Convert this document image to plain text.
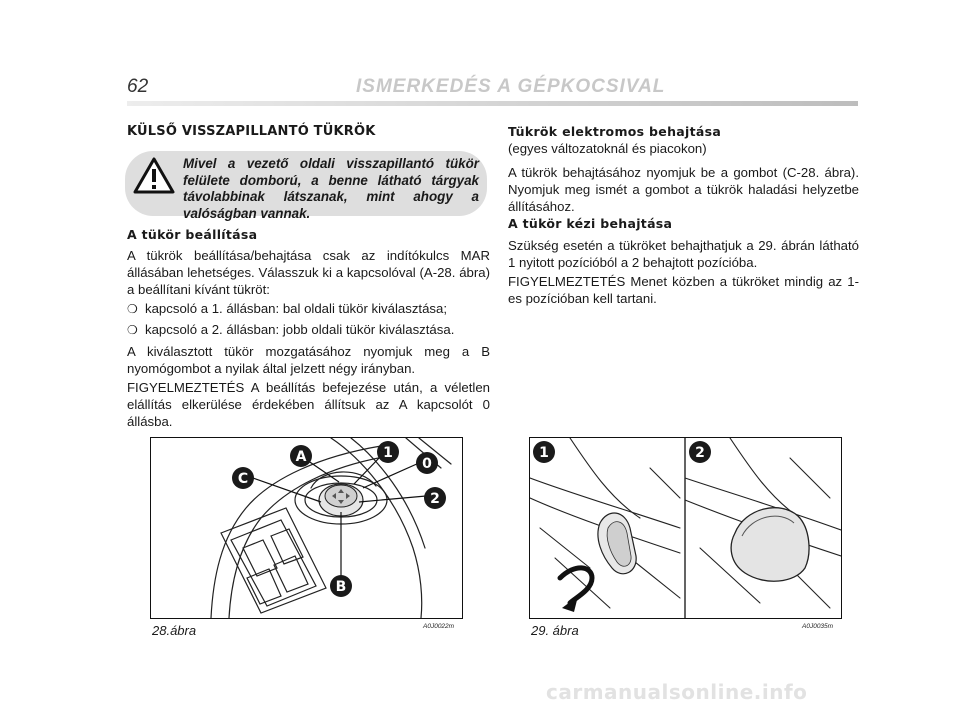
62	ISMERKEDÉS A GÉPKOCSIVAL
KÜLSŐ VISSZAPILLANTÓ TÜKRÖK
Mivel a vezető oldali visszapillantó tükör felülete domború, a benne látható tárgyak távolabbinak látszanak, mint ahogy a valóságban vannak.
A tükör beállítása
A tükrök beállítása/behajtása csak az indítókulcs MAR állásában lehetséges. Válasszuk ki a kapcsolóval (A-28. ábra) a beállítani kívánt tükröt:
❍ kapcsoló a 1. állásban: bal oldali tükör kiválasztása;
❍ kapcsoló a 2. állásban: jobb oldali tükör kiválasztása.
A kiválasztott tükör mozgatásához nyomjuk meg a B nyomógombot a nyilak által jelzett négy irányban.
FIGYELMEZTETÉS A beállítás befejezése után, a véletlen elállítás elkerülése érdekében állítsuk az A kapcsolót 0 állásba.
Tükrök elektromos behajtása
(egyes változatoknál és piacokon)
A tükrök behajtásához nyomjuk be a gombot (C-28. ábra). Nyomjuk meg ismét a gombot a tükrök haladási helyzetbe állításához.
A tükör kézi behajtása
Szükség esetén a tükröket behajthatjuk a 29. ábrán látható 1 nyitott pozícióból a 2 behajtott pozícióba.
FIGYELMEZTETÉS Menet közben a tükröket mindig az 1-es pozícióban kell tartani.
A	1
0
2
C
B
28.ábra	A0J0022m
1	2
29. ábra	A0J0035m
carmanualsonline.info
